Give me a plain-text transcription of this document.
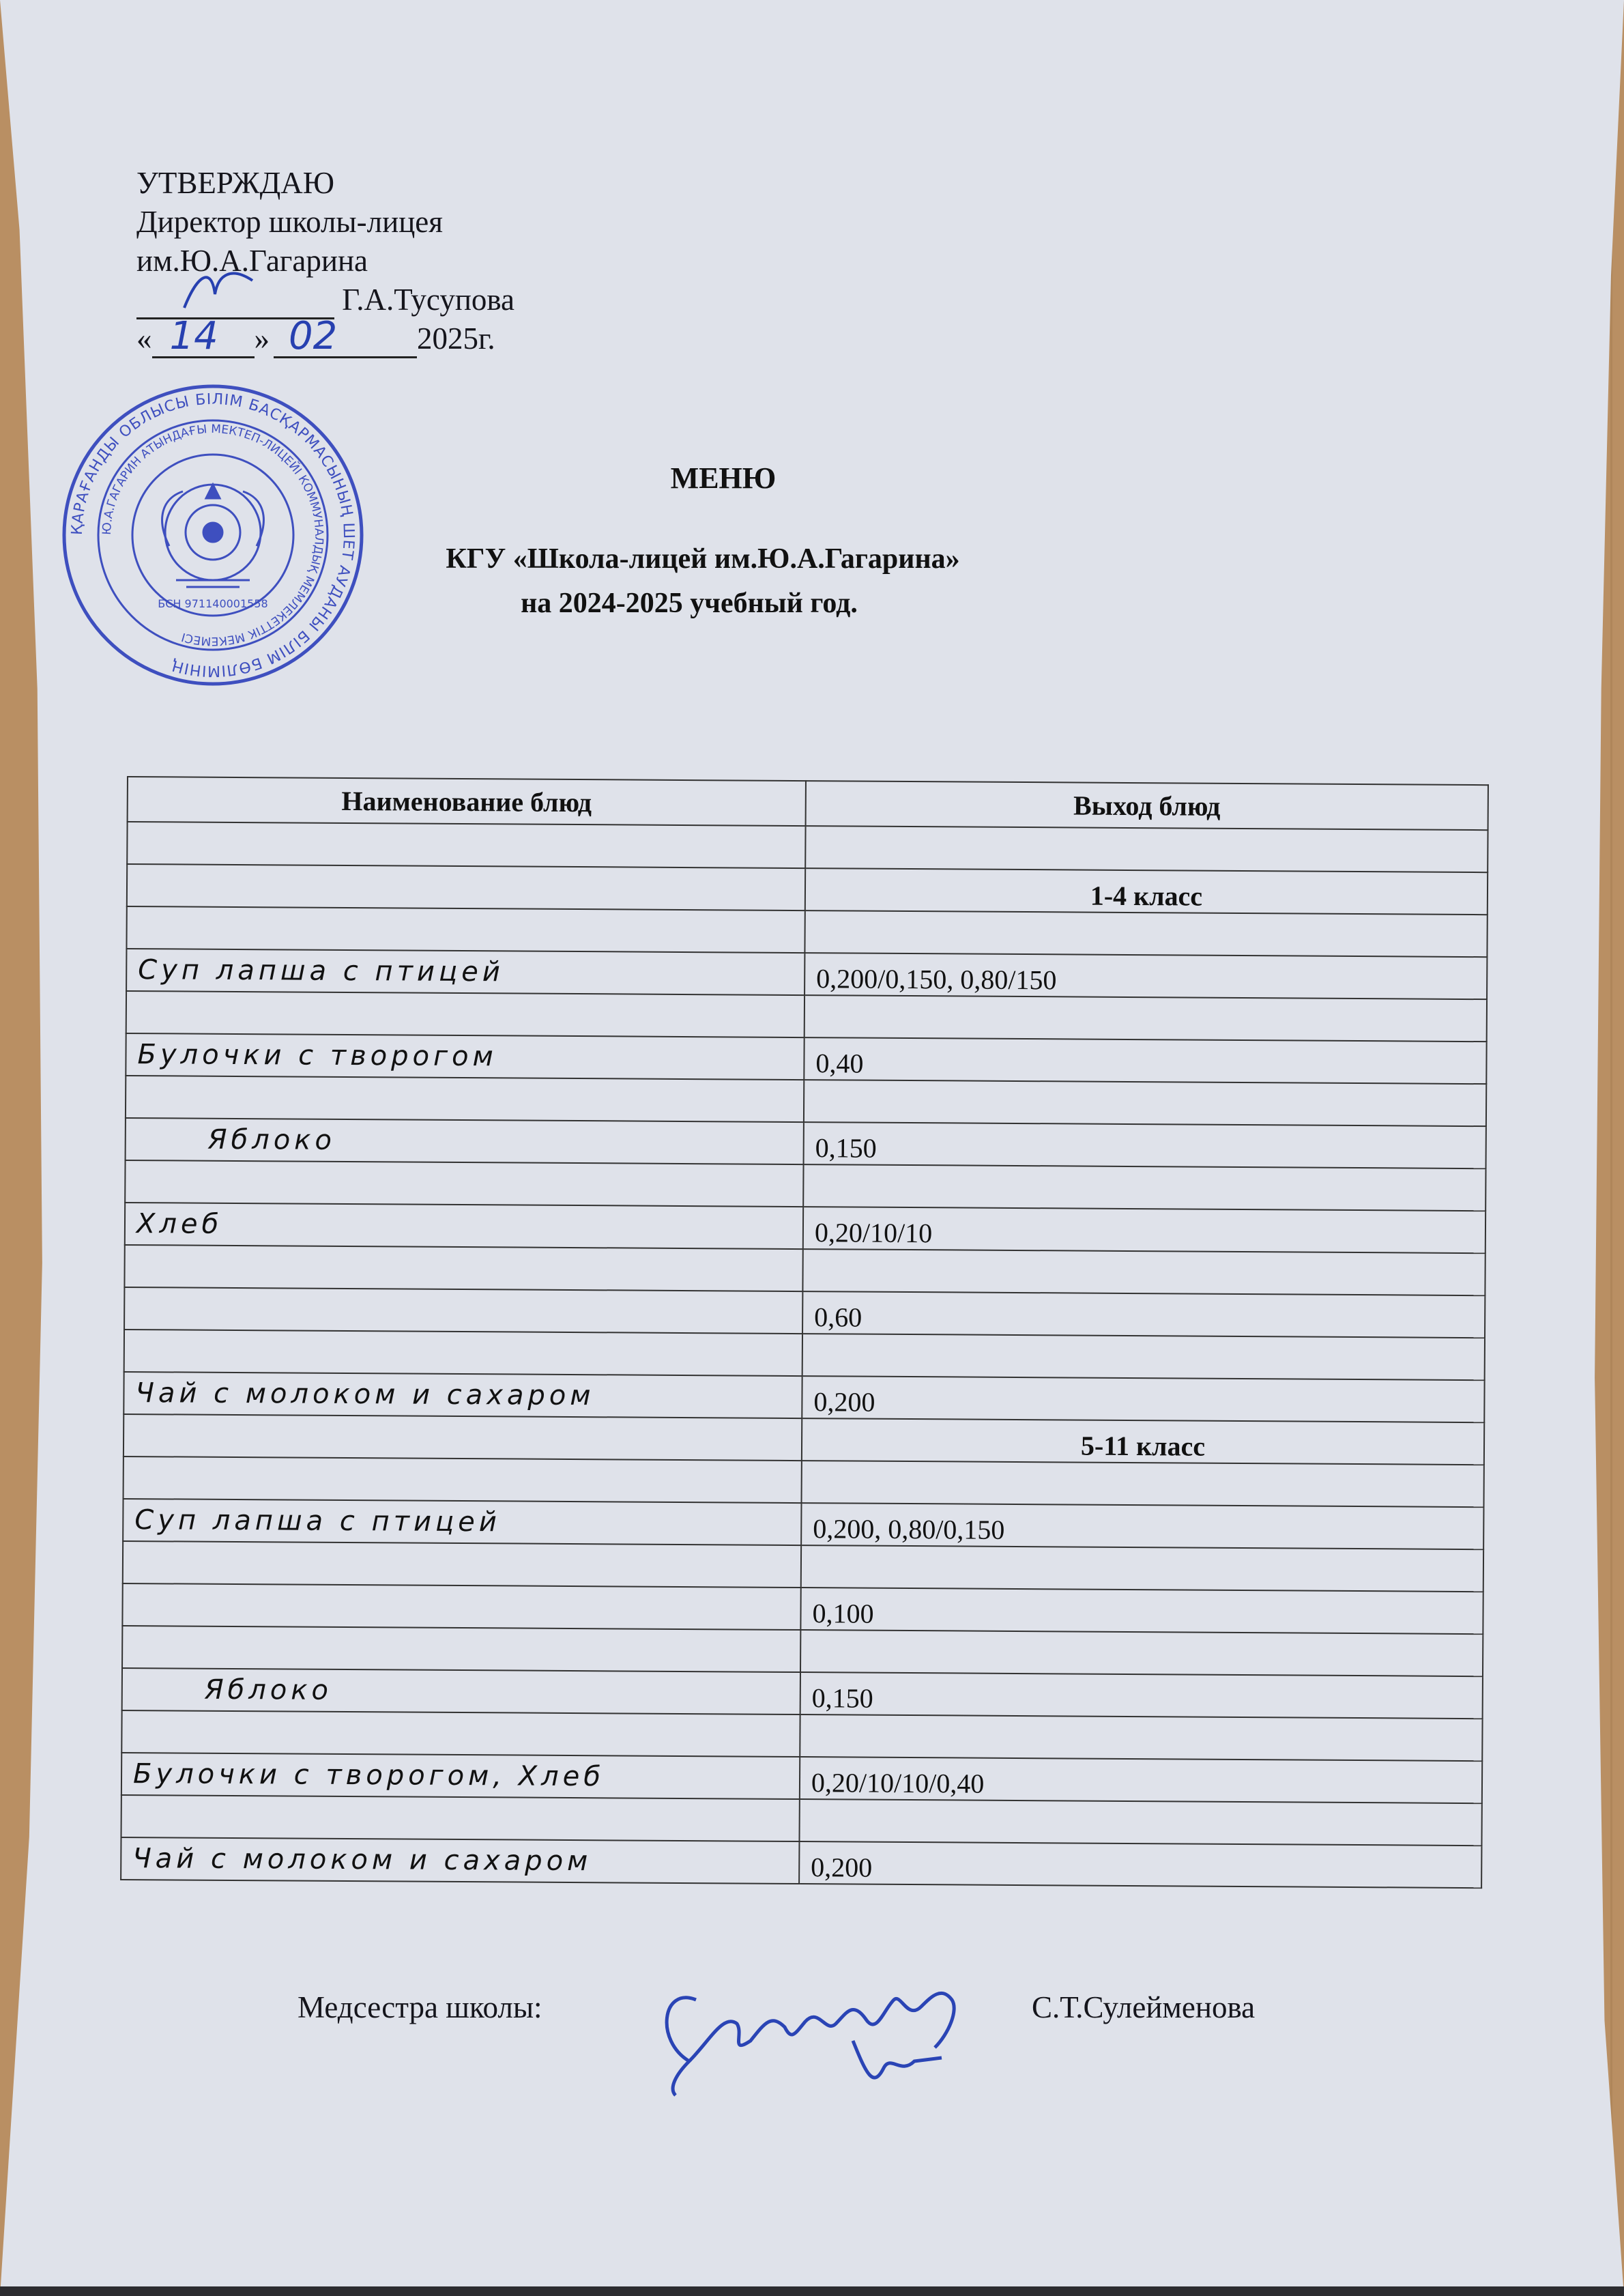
УТВЕРЖДАЮ
Директор школы-лицея
им.Ю.А.Гагарина
Г.А.Тусупова
« 14 » 02	2025г.
ҚАРАҒАНДЫ ОБЛЫСЫ БІЛІМ БАСҚАРМАСЫНЫҢ ШЕТ АУДАНЫ БІЛІМ БӨЛІМІНІҢ
Ю.А.ГАГАРИН АТЫНДАҒЫ МЕКТЕП-ЛИЦЕЙІ КОММУНАЛДЫҚ МЕМЛЕКЕТТІК МЕКЕМЕСІ
БСН 971140001558
МЕНЮ
КГУ «Школа-лицей им.Ю.А.Гагарина»
на 2024-2025 учебный год.
Наименование блюд	Выход блюд

	1-4 класс

Суп лапша с птицей	0,200/0,150, 0,80/150

Булочки с творогом	0,40

Яблоко	0,150

Хлеб	0,20/10/10

	0,60

Чай с молоком и сахаром	0,200
	5-11 класс

Суп лапша с птицей	0,200, 0,80/0,150

	0,100

Яблоко	0,150

Булочки с творогом, Хлеб	0,20/10/10/0,40

Чай с молоком и сахаром	0,200
Медсестра школы:	С.Т.Сулейменова
